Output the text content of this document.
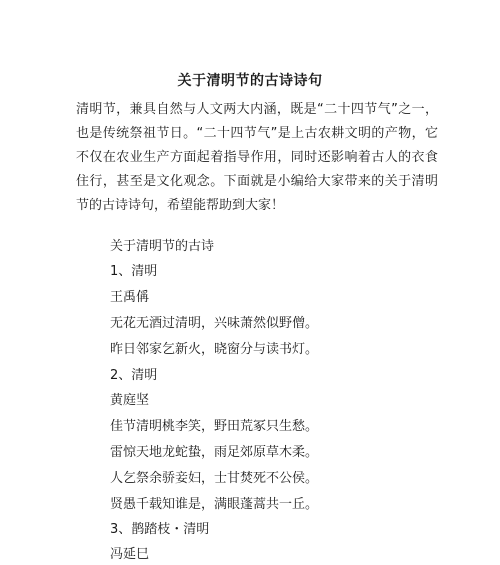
关于清明节的古诗诗句

清明节，兼具自然与人文两大内涵，既是“二十四节气”之一，也是传统祭祖节日。“二十四节气”是上古农耕文明的产物，它不仅在农业生产方面起着指导作用，同时还影响着古人的衣食住行，甚至是文化观念。下面就是小编给大家带来的关于清明节的古诗诗句，希望能帮助到大家！

关于清明节的古诗
1、清明
王禹偁
无花无酒过清明，兴味萧然似野僧。
昨日邻家乞新火，晓窗分与读书灯。
2、清明
黄庭坚
佳节清明桃李笑，野田荒冢只生愁。
雷惊天地龙蛇蛰，雨足郊原草木柔。
人乞祭余骄妾妇，士甘焚死不公侯。
贤愚千载知谁是，满眼蓬蒿共一丘。
3、鹊踏枝・清明
冯延巳
